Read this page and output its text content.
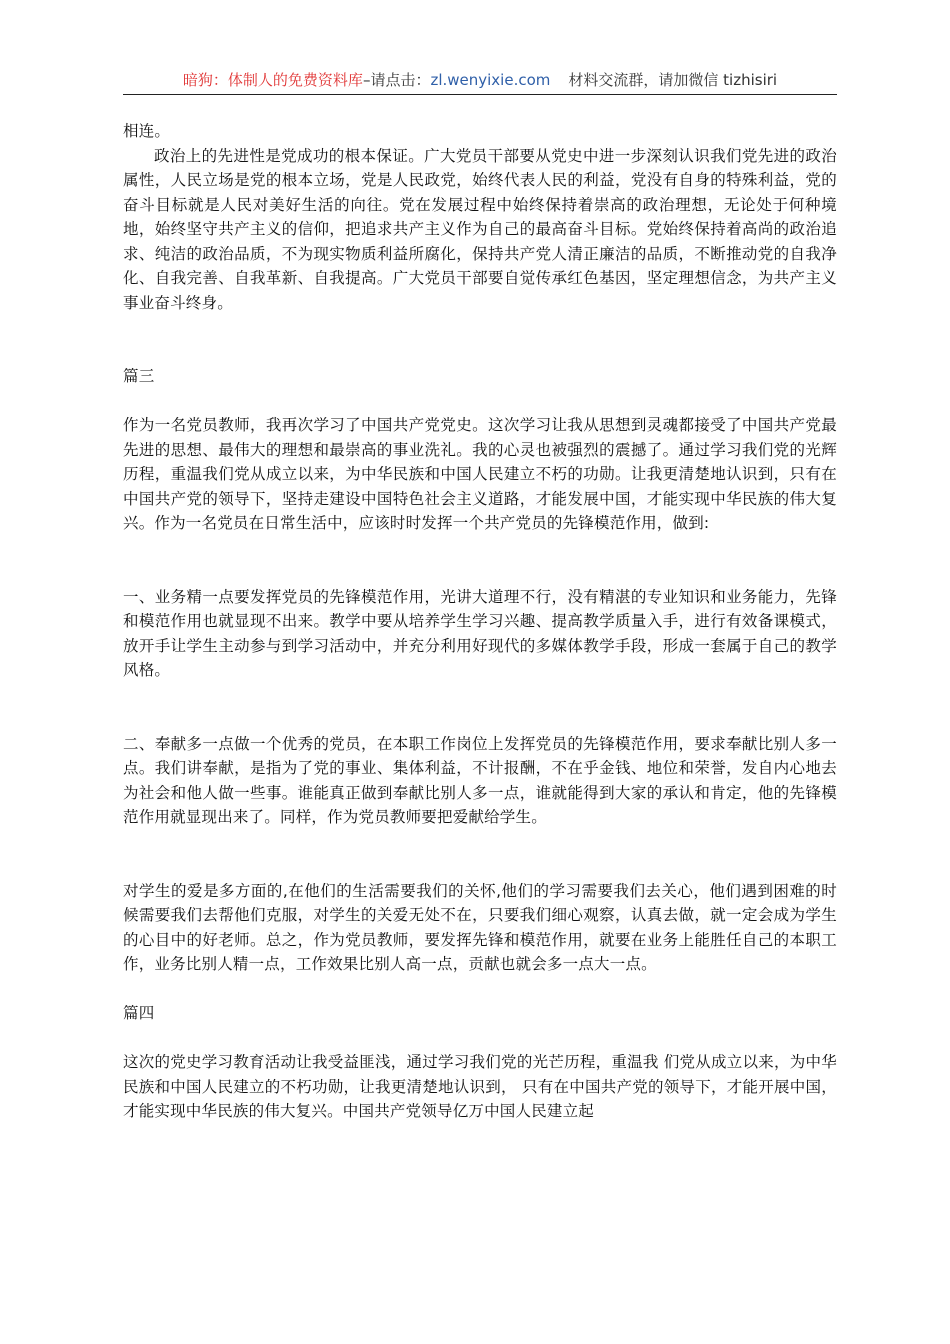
暗狗：体制人的免费资料库–请点击：zl.wenyixie.com 材料交流群，请加微信 tizhisiri

相连。

政治上的先进性是党成功的根本保证。广大党员干部要从党史中进一步深刻认识我们党先进的政治属性，人民立场是党的根本立场，党是人民政党，始终代表人民的利益，党没有自身的特殊利益，党的奋斗目标就是人民对美好生活的向往。党在发展过程中始终保持着崇高的政治理想，无论处于何种境地，始终坚守共产主义的信仰，把追求共产主义作为自己的最高奋斗目标。党始终保持着高尚的政治追求、纯洁的政治品质，不为现实物质利益所腐化，保持共产党人清正廉洁的品质，不断推动党的自我净化、自我完善、自我革新、自我提高。广大党员干部要自觉传承红色基因，坚定理想信念，为共产主义事业奋斗终身。

篇三

作为一名党员教师，我再次学习了中国共产党党史。这次学习让我从思想到灵魂都接受了中国共产党最先进的思想、最伟大的理想和最崇高的事业洗礼。我的心灵也被强烈的震撼了。通过学习我们党的光辉历程，重温我们党从成立以来，为中华民族和中国人民建立不朽的功勋。让我更清楚地认识到，只有在中国共产党的领导下，坚持走建设中国特色社会主义道路，才能发展中国，才能实现中华民族的伟大复兴。作为一名党员在日常生活中，应该时时发挥一个共产党员的先锋模范作用，做到:

一、业务精一点要发挥党员的先锋模范作用，光讲大道理不行，没有精湛的专业知识和业务能力，先锋和模范作用也就显现不出来。教学中要从培养学生学习兴趣、提高教学质量入手，进行有效备课模式，放开手让学生主动参与到学习活动中，并充分利用好现代的多媒体教学手段，形成一套属于自己的教学风格。

二、奉献多一点做一个优秀的党员，在本职工作岗位上发挥党员的先锋模范作用，要求奉献比别人多一点。我们讲奉献，是指为了党的事业、集体利益，不计报酬，不在乎金钱、地位和荣誉，发自内心地去为社会和他人做一些事。谁能真正做到奉献比别人多一点，谁就能得到大家的承认和肯定，他的先锋模范作用就显现出来了。同样，作为党员教师要把爱献给学生。

对学生的爱是多方面的,在他们的生活需要我们的关怀,他们的学习需要我们去关心，他们遇到困难的时候需要我们去帮他们克服，对学生的关爱无处不在，只要我们细心观察，认真去做，就一定会成为学生的心目中的好老师。总之，作为党员教师，要发挥先锋和模范作用，就要在业务上能胜任自己的本职工作，业务比别人精一点，工作效果比别人高一点，贡献也就会多一点大一点。

篇四

这次的党史学习教育活动让我受益匪浅，通过学习我们党的光芒历程，重温我 们党从成立以来，为中华民族和中国人民建立的不朽功勋，让我更清楚地认识到， 只有在中国共产党的领导下，才能开展中国，才能实现中华民族的伟大复兴。中国共产党领导亿万中国人民建立起
